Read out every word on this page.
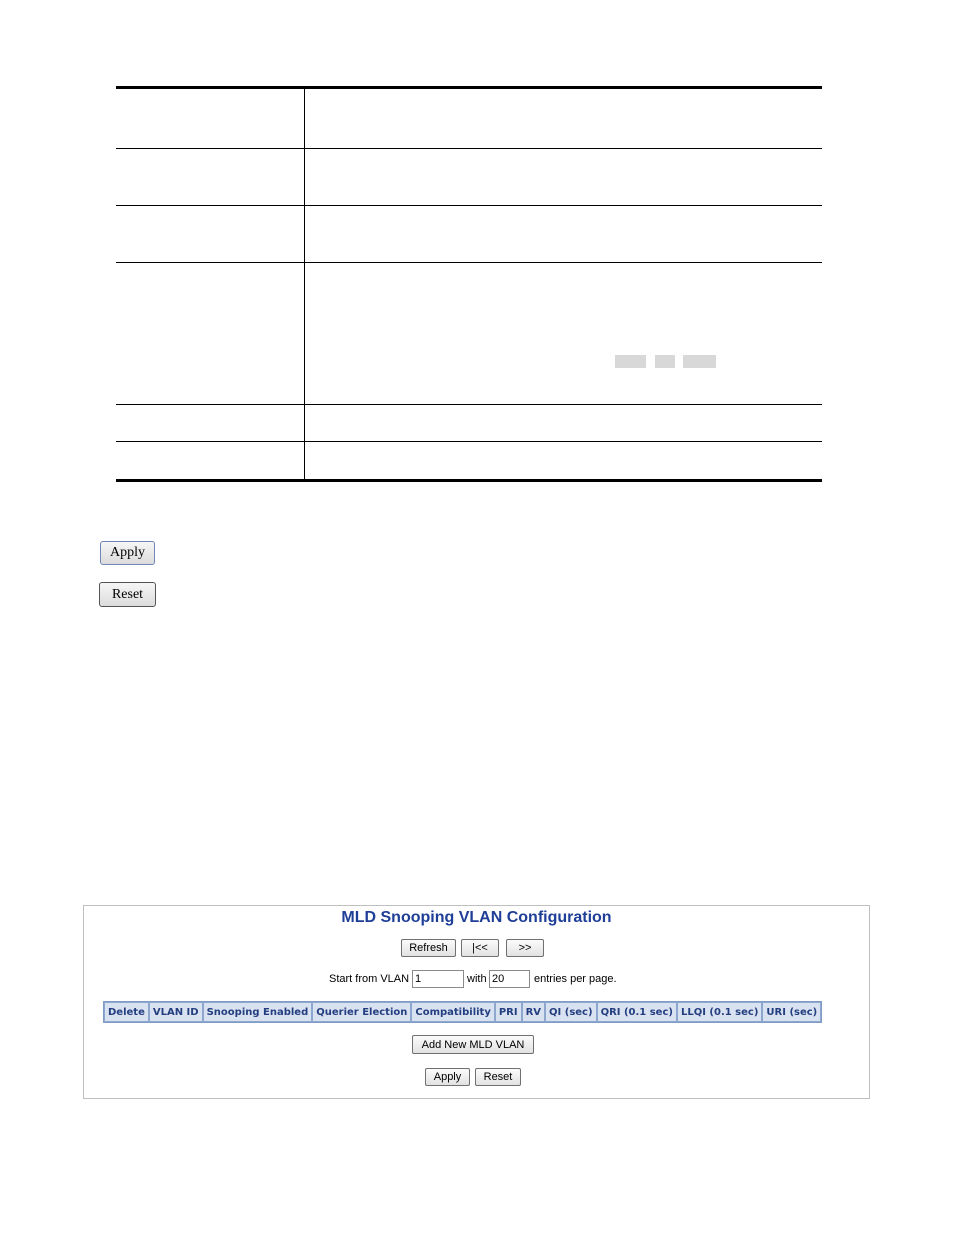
Apply
Reset
MLD Snooping VLAN Configuration
Refresh	|<<	>>
Start from VLAN
1	with
20	entries per page.
Delete	VLAN ID	Snooping Enabled	Querier Election	Compatibility	PRI	RV	QI (sec)	QRI (0.1 sec)	LLQI (0.1 sec)	URI (sec)
Add New MLD VLAN
Apply	Reset
